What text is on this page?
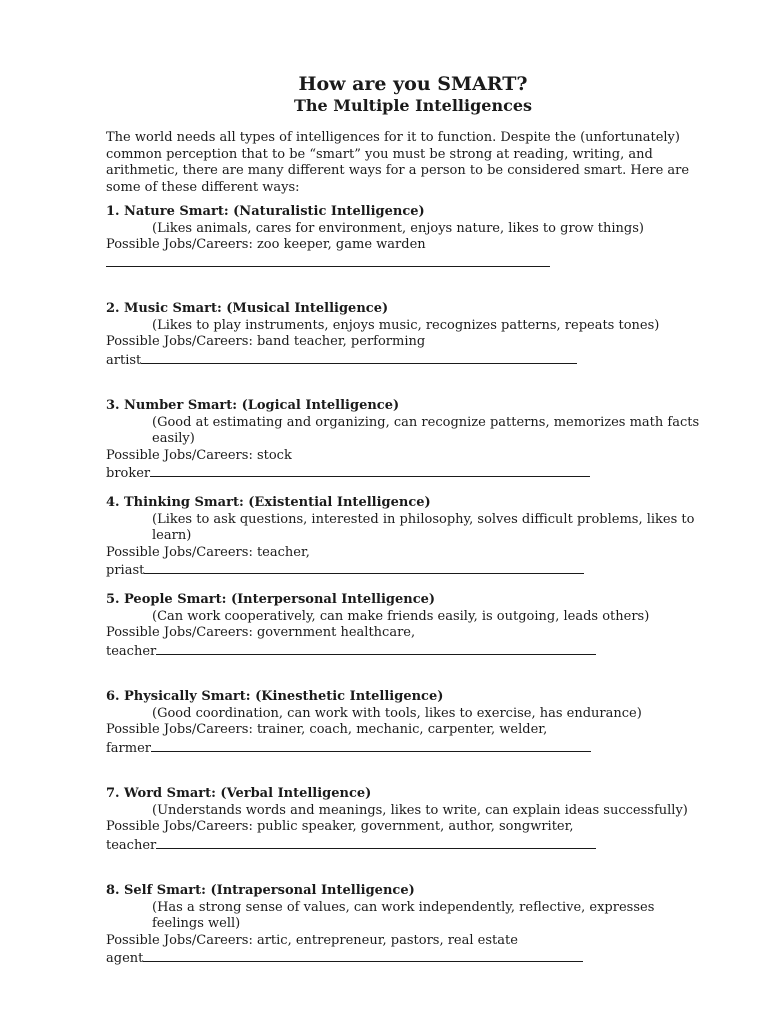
How are you SMART?
The Multiple Intelligences

The world needs all types of intelligences for it to function. Despite the (unfortunately) common perception that to be “smart” you must be strong at reading, writing, and arithmetic, there are many different ways for a person to be considered smart. Here are some of these different ways:

1. Nature Smart: (Naturalistic Intelligence)

(Likes animals, cares for environment, enjoys nature, likes to grow things)

Possible Jobs/Careers: zoo keeper, game warden

2. Music Smart: (Musical Intelligence)

(Likes to play instruments, enjoys music, recognizes patterns, repeats tones)

Possible Jobs/Careers: band teacher, performing

artist

3. Number Smart: (Logical Intelligence)

(Good at estimating and organizing, can recognize patterns, memorizes math facts easily)

Possible Jobs/Careers: stock

broker

4. Thinking Smart: (Existential Intelligence)

(Likes to ask questions, interested in philosophy, solves difficult problems, likes to learn)

Possible Jobs/Careers: teacher,

priast

5. People Smart: (Interpersonal Intelligence)

(Can work cooperatively, can make friends easily, is outgoing, leads others)

Possible Jobs/Careers: government healthcare,

teacher

6. Physically Smart: (Kinesthetic Intelligence)

(Good coordination, can work with tools, likes to exercise, has endurance)

Possible Jobs/Careers: trainer, coach, mechanic, carpenter, welder,

farmer

7. Word Smart: (Verbal Intelligence)

(Understands words and meanings, likes to write, can explain ideas successfully)

Possible Jobs/Careers: public speaker, government, author, songwriter,

teacher

8. Self Smart: (Intrapersonal Intelligence)

(Has a strong sense of values, can work independently, reflective, expresses feelings well)

Possible Jobs/Careers: artic, entrepreneur, pastors, real estate

agent
